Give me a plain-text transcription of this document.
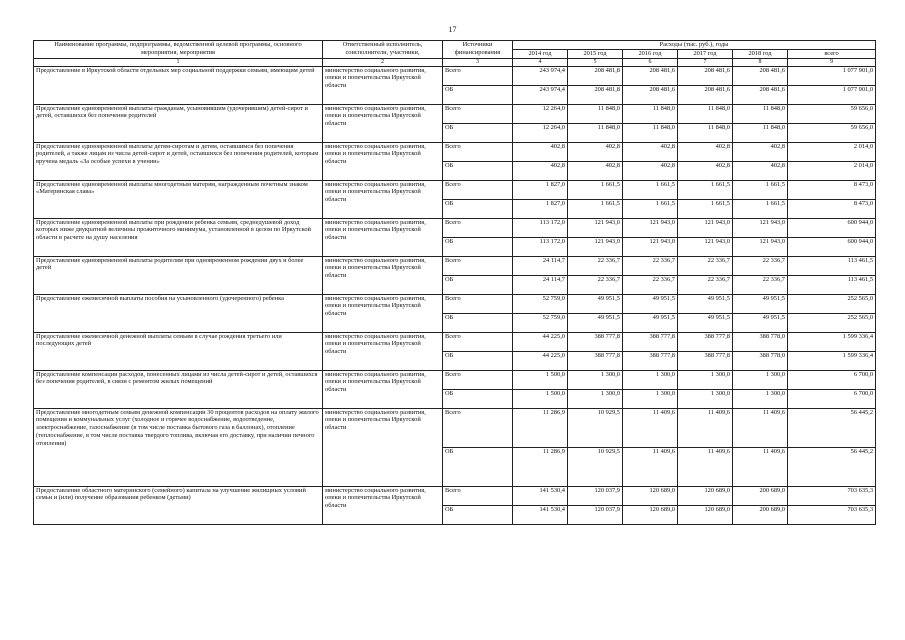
17
Наименование программы, подпрограммы, ведомственной целевой программы, основного мероприятия, мероприятия	Ответственный исполнитель, соисполнители, участники,	Источники финансирования	Расходы (тыс. руб.), годы					
			2014 год	2015 год	2016 год	2017 год	2018 год	всего
1	2	3	4	5	6	7	8	9
Предоставление в Иркутской области отдельных мер социальной поддержки семьям, имеющим детей	министерство социального развития, опеки и попечительства Иркутской области	Всего	243 974,4	208 481,8	208 481,6	208 481,6	208 481,6	1 077 901,0
		ОБ	243 974,4	208 481,8	208 481,6	208 481,6	208 481,6	1 077 901,0
Предоставление единовременной выплаты гражданам, усыновившим (удочерившим) детей-сирот и детей, оставшихся без попечения родителей	министерство социального развития, опеки и попечительства Иркутской области	Всего	12 264,0	11 848,0	11 848,0	11 848,0	11 848,0	59 656,0
		ОБ	12 264,0	11 848,0	11 848,0	11 848,0	11 848,0	59 656,0
Предоставление единовременной выплаты детям-сиротам и детям, оставшимся без попечения родителей, а также лицам из числа детей-сирот и детей, оставшихся без попечения родителей, которым вручена медаль «За особые успехи в учении»	министерство социального развития, опеки и попечительства Иркутской области	Всего	402,8	402,8	402,8	402,8	402,8	2 014,0
		ОБ	402,8	402,8	402,8	402,8	402,8	2 014,0
Предоставление единовременной выплаты многодетным матерям, награжденным почетным знаком «Материнская слава»	министерство социального развития, опеки и попечительства Иркутской области	Всего	1 827,0	1 661,5	1 661,5	1 661,5	1 661,5	8 473,0
		ОБ	1 827,0	1 661,5	1 661,5	1 661,5	1 661,5	8 473,0
Предоставление единовременной выплаты при рождении ребенка семьям, среднедушевой доход которых ниже двукратной величины прожиточного минимума, установленной в целом по Иркутской области в расчете на душу населения	министерство социального развития, опеки и попечительства Иркутской области	Всего	113 172,0	121 943,0	121 943,0	121 943,0	121 943,0	600 944,0
		ОБ	113 172,0	121 943,0	121 943,0	121 943,0	121 943,0	600 944,0
Предоставление единовременной выплаты родителям при одновременном рождении двух и более детей	министерство социального развития, опеки и попечительства Иркутской области	Всего	24 114,7	22 336,7	22 336,7	22 336,7	22 336,7	113 461,5
		ОБ	24 114,7	22 336,7	22 336,7	22 336,7	22 336,7	113 461,5
Предоставление ежемесячной выплаты пособия на усыновленного (удочеренного) ребенка	министерство социального развития, опеки и попечительства Иркутской области	Всего	52 759,0	49 951,5	49 951,5	49 951,5	49 951,5	252 565,0
		ОБ	52 759,0	49 951,5	49 951,5	49 951,5	49 951,5	252 565,0
Предоставление ежемесячной денежной выплаты семьям в случае рождения третьего или последующих детей	министерство социального развития, опеки и попечительства Иркутской области	Всего	44 225,0	388 777,8	388 777,8	388 777,8	388 778,0	1 599 336,4
		ОБ	44 225,0	388 777,8	388 777,8	388 777,8	388 778,0	1 599 336,4
Предоставление компенсации расходов, понесенных лицами из числа детей-сирот и детей, оставшихся без попечения родителей, в связи с ремонтом жилых помещений	министерство социального развития, опеки и попечительства Иркутской области	Всего	1 500,0	1 300,0	1 300,0	1 300,0	1 300,0	6 700,0
		ОБ	1 500,0	1 300,0	1 300,0	1 300,0	1 300,0	6 700,0
Предоставление многодетным семьям денежной компенсации 30 процентов расходов на оплату жилого помещения и коммунальных услуг (холодное и горячее водоснабжение, водоотведение, электроснабжение, газоснабжение (в том числе поставка бытового газа в баллонах), отопление (теплоснабжение, в том числе поставка твердого топлива, включая его доставку, при наличии печного отопления)	министерство социального развития, опеки и попечительства Иркутской области	Всего	11 286,9	10 929,5	11 409,6	11 409,6	11 409,6	56 445,2
		ОБ	11 286,9	10 929,5	11 409,6	11 409,6	11 409,6	56 445,2
Предоставление областного материнского (семейного) капитала на улучшение жилищных условий семьи и (или) получение образования ребенком (детьми)	министерство социального развития, опеки и попечительства Иркутской области	Всего	141 530,4	120 037,9	120 689,0	120 689,0	200 689,0	703 635,3
		ОБ	141 530,4	120 037,9	120 689,0	120 689,0	200 689,0	703 635,3
